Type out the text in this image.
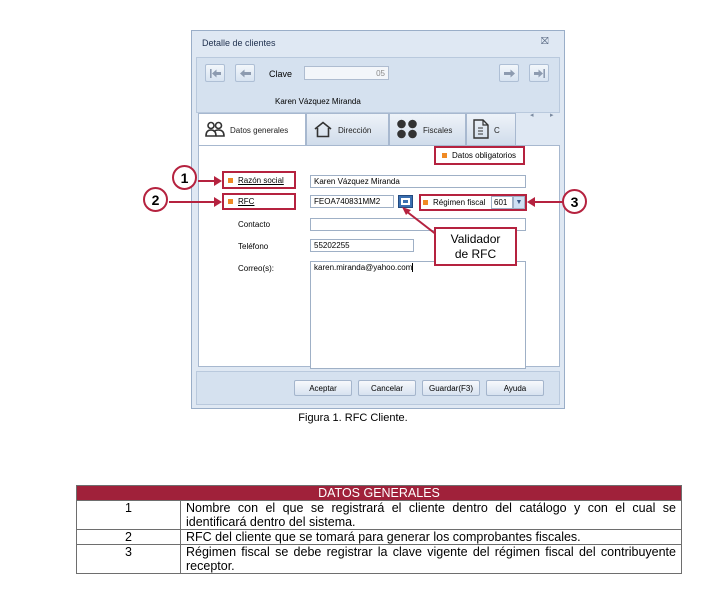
Detalle de clientes	⛝
Clave	05
Karen Vázquez Miranda
Datos generales	Dirección	Fiscales	C
◂ ▸
Aceptar	Cancelar	Guardar(F3)	Ayuda
Datos obligatorios
Razón social	Karen Vázquez Miranda
RFC	FEOA740831MM2	Régimen fiscal	601	▼
Contacto
Teléfono	55202255
Correo(s):	karen.miranda@yahoo.com
1
2	3
Validador
de RFC
Figura 1. RFC Cliente.
DATOS GENERALES	
1	Nombre con el que se registrará el cliente dentro del catálogo y con el cual se identificará dentro del sistema.
2	RFC del cliente que se tomará para generar los comprobantes fiscales.
3	Régimen fiscal se debe registrar la clave vigente del régimen fiscal del contribuyente receptor.
